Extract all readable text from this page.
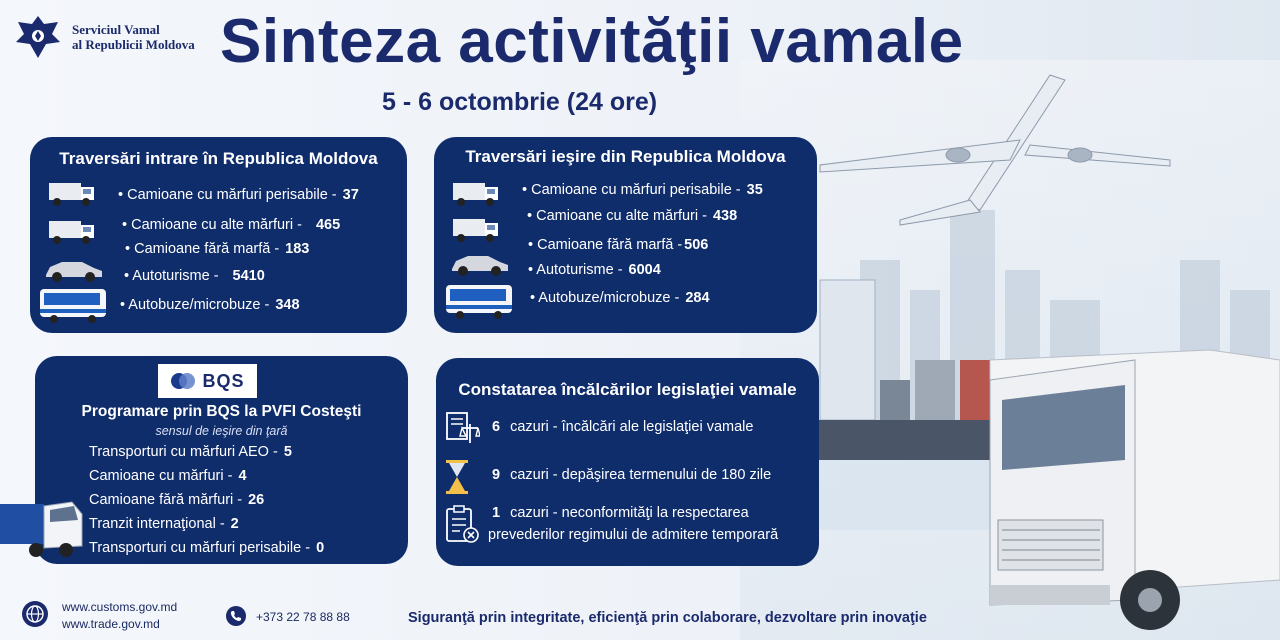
Serviciul Vamal
al Republicii Moldova Sinteza activităţii vamale
5 - 6 octombrie (24 ore)
Traversări intrare în Republica Moldova
• Camioane cu mărfuri perisabile - 37
• Camioane cu alte mărfuri - 465
• Camioane fără marfă - 183
• Autoturisme - 5410
• Autobuze/microbuze - 348
Traversări ieşire din Republica Moldova
• Camioane cu mărfuri perisabile - 35
• Camioane cu alte mărfuri - 438
• Camioane fără marfă - 506
• Autoturisme - 6004
• Autobuze/microbuze - 284
BQS
Programare prin BQS la PVFI Costeşti
sensul de ieşire din ţară
Transporturi cu mărfuri AEO - 5
Camioane cu mărfuri - 4
Camioane fără mărfuri - 26
Tranzit internaţional - 2
Transporturi cu mărfuri perisabile - 0
Constatarea încălcărilor legislaţiei vamale
6 cazuri - încălcări ale legislaţiei vamale
9 cazuri - depăşirea termenului de 180 zile
1 cazuri - neconformităţi la respectarea
prevederilor regimului de admitere temporară
www.customs.gov.md
www.trade.gov.md	+373 22 78 88 88	Siguranţă prin integritate, eficienţă prin colaborare, dezvoltare prin inovaţie
